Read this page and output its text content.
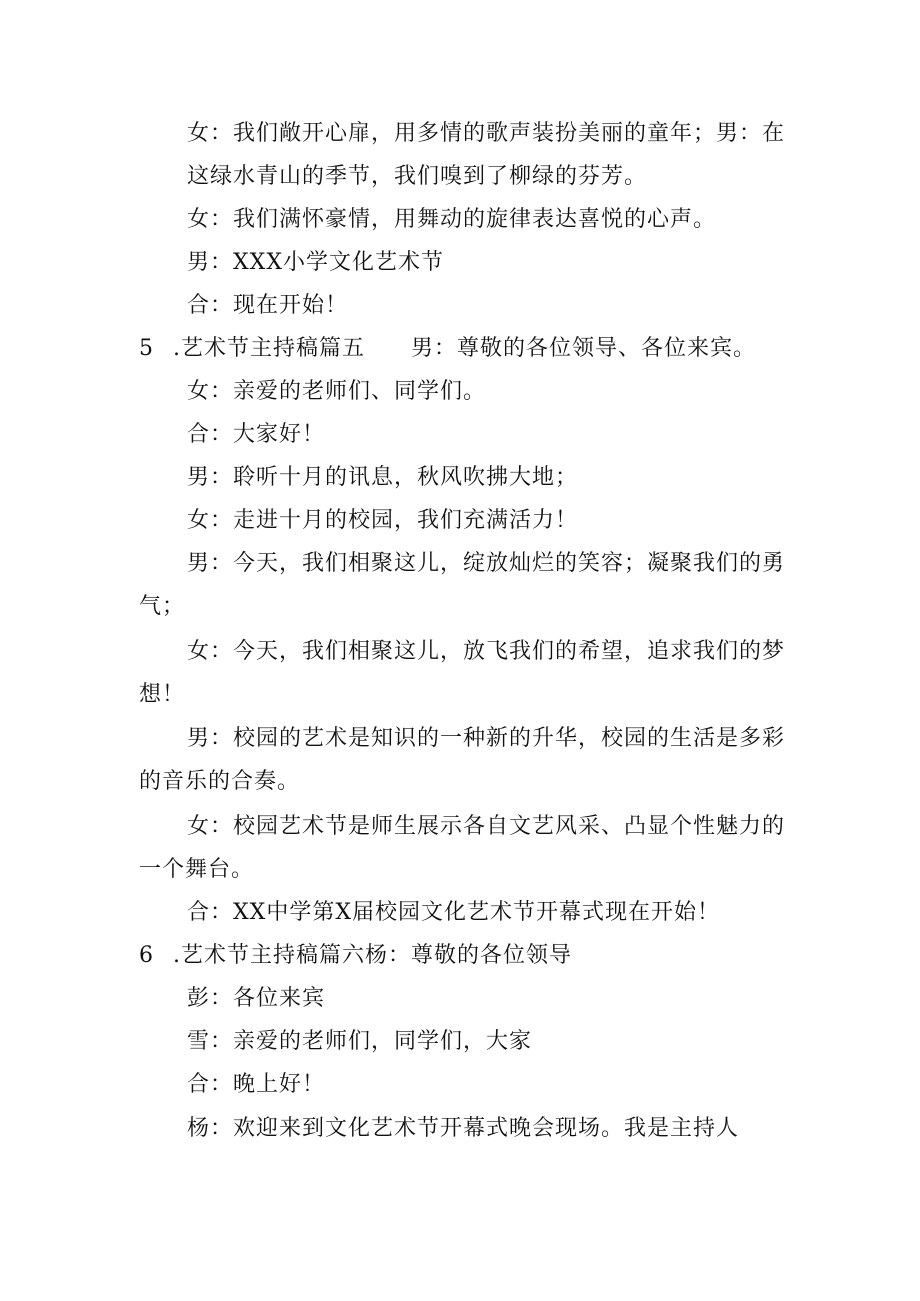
女：我们敞开心扉，用多情的歌声装扮美丽的童年；男：在
这绿水青山的季节，我们嗅到了柳绿的芬芳。
女：我们满怀豪情，用舞动的旋律表达喜悦的心声。
男：XXX小学文化艺术节
合：现在开始！
5 .艺术节主持稿篇五 男：尊敬的各位领导、各位来宾。
女：亲爱的老师们、同学们。
合：大家好！
男：聆听十月的讯息，秋风吹拂大地；
女：走进十月的校园，我们充满活力！
男：今天，我们相聚这儿，绽放灿烂的笑容；凝聚我们的勇
气；
女：今天，我们相聚这儿，放飞我们的希望，追求我们的梦
想！
男：校园的艺术是知识的一种新的升华，校园的生活是多彩
的音乐的合奏。
女：校园艺术节是师生展示各自文艺风采、凸显个性魅力的
一个舞台。
合：XX中学第X届校园文化艺术节开幕式现在开始！
6 .艺术节主持稿篇六杨：尊敬的各位领导
彭：各位来宾
雪：亲爱的老师们，同学们，大家
合：晚上好！
杨：欢迎来到文化艺术节开幕式晚会现场。我是主持人
